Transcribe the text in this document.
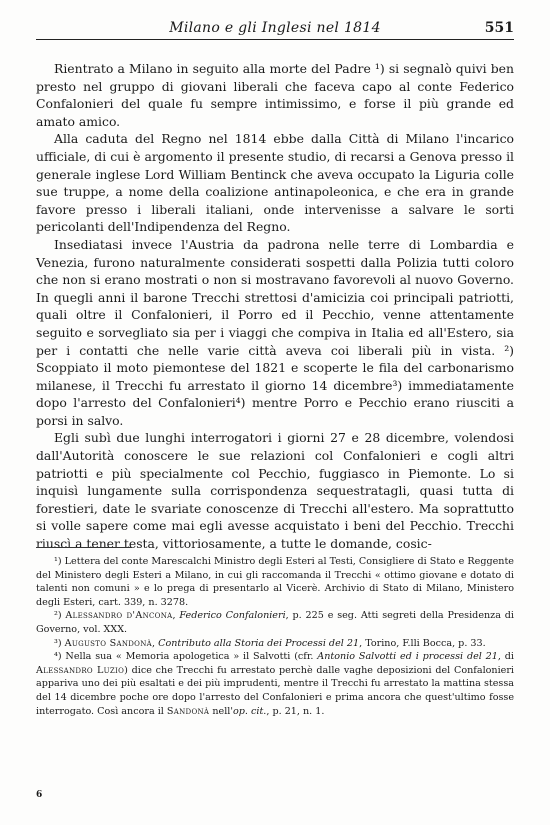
Milano e gli Inglesi nel 1814	551

Rientrato a Milano in seguito alla morte del Padre ¹) si segnalò quivi ben presto nel gruppo di giovani liberali che faceva capo al conte Federico Confalonieri del quale fu sempre intimissimo, e forse il più grande ed amato amico.

Alla caduta del Regno nel 1814 ebbe dalla Città di Milano l'incarico ufficiale, di cui è argomento il presente studio, di recarsi a Genova presso il generale inglese Lord William Bentinck che aveva occupato la Liguria colle sue truppe, a nome della coalizione antinapoleonica, e che era in grande favore presso i liberali italiani, onde intervenisse a salvare le sorti pericolanti dell'Indipendenza del Regno.

Insediatasi invece l'Austria da padrona nelle terre di Lombardia e Venezia, furono naturalmente considerati sospetti dalla Polizia tutti coloro che non si erano mostrati o non si mostravano favorevoli al nuovo Governo. In quegli anni il barone Trecchi strettosi d'amicizia coi principali patriotti, quali oltre il Confalonieri, il Porro ed il Pecchio, venne attentamente seguito e sorvegliato sia per i viaggi che compiva in Italia ed all'Estero, sia per i contatti che nelle varie città aveva coi liberali più in vista. ²) Scoppiato il moto piemontese del 1821 e scoperte le fila del carbonarismo milanese, il Trecchi fu arrestato il giorno 14 dicembre³) immediatamente dopo l'arresto del Confalonieri⁴) mentre Porro e Pecchio erano riusciti a porsi in salvo.

Egli subì due lunghi interrogatori i giorni 27 e 28 dicembre, volendosi dall'Autorità conoscere le sue relazioni col Confalonieri e cogli altri patriotti e più specialmente col Pecchio, fuggiasco in Piemonte. Lo si inquisì lungamente sulla corrispondenza sequestratagli, quasi tutta di forestieri, date le svariate conoscenze di Trecchi all'estero. Ma soprattutto si volle sapere come mai egli avesse acquistato i beni del Pecchio. Trecchi riuscì a tener testa, vittoriosamente, a tutte le domande, cosic-

¹) Lettera del conte Marescalchi Ministro degli Esteri al Testi, Consigliere di Stato e Reggente del Ministero degli Esteri a Milano, in cui gli raccomanda il Trecchi « ottimo giovane e dotato di talenti non comuni » e lo prega di presentarlo al Vicerè. Archivio di Stato di Milano, Ministero degli Esteri, cart. 339, n. 3278.

²) Alessandro d'Ancona, Federico Confalonieri, p. 225 e seg. Atti segreti della Presidenza di Governo, vol. XXX.

³) Augusto Sandonà, Contributo alla Storia dei Processi del 21, Torino, F.lli Bocca, p. 33.

⁴) Nella sua « Memoria apologetica » il Salvotti (cfr. Antonio Salvotti ed i processi del 21, di Alessandro Luzio) dice che Trecchi fu arrestato perchè dalle vaghe deposizioni del Confalonieri appariva uno dei più esaltati e dei più imprudenti, mentre il Trecchi fu arrestato la mattina stessa del 14 dicembre poche ore dopo l'arresto del Confalonieri e prima ancora che quest'ultimo fosse interrogato. Così ancora il Sandonà nell'op. cit., p. 21, n. 1.

6
